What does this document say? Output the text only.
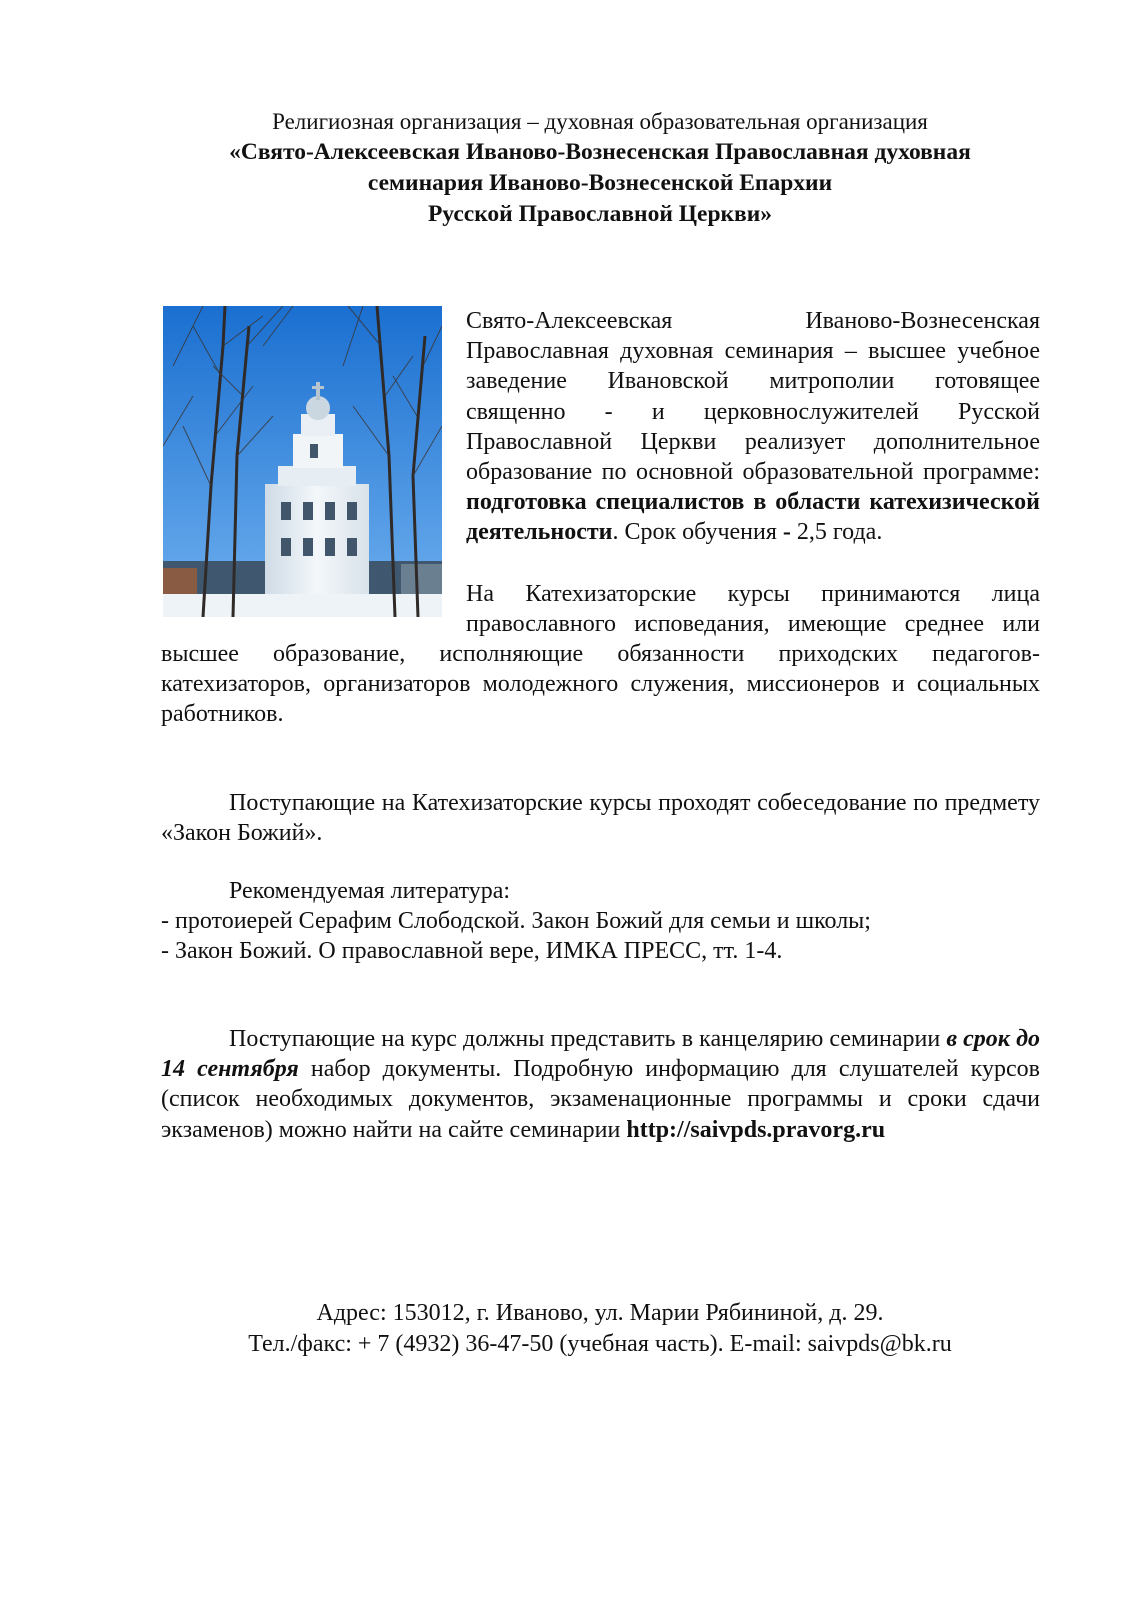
Религиозная организация – духовная образовательная организация

«Свято-Алексеевская Иваново-Вознесенская Православная духовная

семинария Иваново-Вознесенской Епархии

Русской Православной Церкви»

Свято-Алексеевская Иваново-Вознесенская Православная духовная семинария – высшее учебное заведение Ивановской митрополии готовящее священно - и церковнослужителей Русской Православной Церкви реализует дополнительное образование по основной образовательной программе: подготовка специалистов в области катехизической деятельности. Срок обучения - 2,5 года.

На Катехизаторские курсы принимаются лица православного исповедания, имеющие среднее или

высшее образование, исполняющие обязанности приходских педагогов-катехизаторов, организаторов молодежного служения, миссионеров и социальных работников.

Поступающие на Катехизаторские курсы проходят собеседование по предмету «Закон Божий».

Рекомендуемая литература:

- протоиерей Серафим Слободской. Закон Божий для семьи и школы;

- Закон Божий. О православной вере, ИМКА ПРЕСС, тт. 1-4.

Поступающие на курс должны представить в канцелярию семинарии в срок до 14 сентября набор документы. Подробную информацию для слушателей курсов (список необходимых документов, экзаменационные программы и сроки сдачи экзаменов) можно найти на сайте семинарии http://saivpds.pravorg.ru

Адрес: 153012, г. Иваново, ул. Марии Рябининой, д. 29.
Тел./факс: + 7 (4932) 36-47-50 (учебная часть). E-mail: saivpds@bk.ru
